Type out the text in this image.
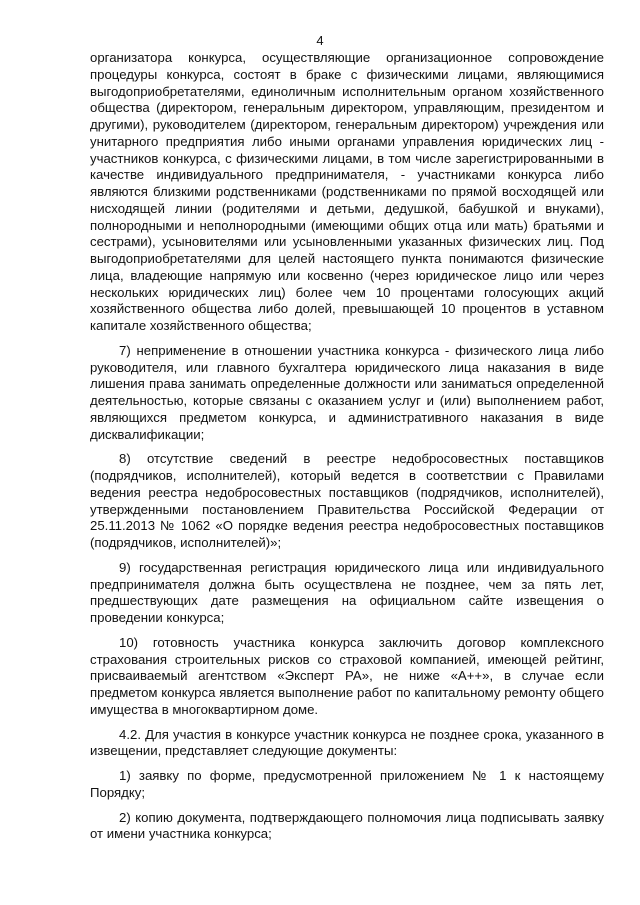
4

организатора конкурса, осуществляющие организационное сопровождение процедуры конкурса, состоят в браке с физическими лицами, являющимися выгодоприобретателями, единоличным исполнительным органом хозяйственного общества (директором, генеральным директором, управляющим, президентом и другими), руководителем (директором, генеральным директором) учреждения или унитарного предприятия либо иными органами управления юридических лиц - участников конкурса, с физическими лицами, в том числе зарегистрированными в качестве индивидуального предпринимателя, - участниками конкурса либо являются близкими родственниками (родственниками по прямой восходящей или нисходящей линии (родителями и детьми, дедушкой, бабушкой и внуками), полнородными и неполнородными (имеющими общих отца или мать) братьями и сестрами), усыновителями или усыновленными указанных физических лиц. Под выгодоприобретателями для целей настоящего пункта понимаются физические лица, владеющие напрямую или косвенно (через юридическое лицо или через нескольких юридических лиц) более чем 10 процентами голосующих акций хозяйственного общества либо долей, превышающей 10 процентов в уставном капитале хозяйственного общества;

7) неприменение в отношении участника конкурса - физического лица либо руководителя, или главного бухгалтера юридического лица наказания в виде лишения права занимать определенные должности или заниматься определенной деятельностью, которые связаны с оказанием услуг и (или) выполнением работ, являющихся предметом конкурса, и административного наказания в виде дисквалификации;

8) отсутствие сведений в реестре недобросовестных поставщиков (подрядчиков, исполнителей), который ведется в соответствии с Правилами ведения реестра недобросовестных поставщиков (подрядчиков, исполнителей), утвержденными постановлением Правительства Российской Федерации от 25.11.2013 № 1062 «О порядке ведения реестра недобросовестных поставщиков (подрядчиков, исполнителей)»;

9) государственная регистрация юридического лица или индивидуального предпринимателя должна быть осуществлена не позднее, чем за пять лет, предшествующих дате размещения на официальном сайте извещения о проведении конкурса;

10) готовность участника конкурса заключить договор комплексного страхования строительных рисков со страховой компанией, имеющей рейтинг, присваиваемый агентством «Эксперт РА», не ниже «А++», в случае если предметом конкурса является выполнение работ по капитальному ремонту общего имущества в многоквартирном доме.

4.2. Для участия в конкурсе участник конкурса не позднее срока, указанного в извещении, представляет следующие документы:

1) заявку по форме, предусмотренной приложением № 1 к настоящему Порядку;

2) копию документа, подтверждающего полномочия лица подписывать заявку от имени участника конкурса;
